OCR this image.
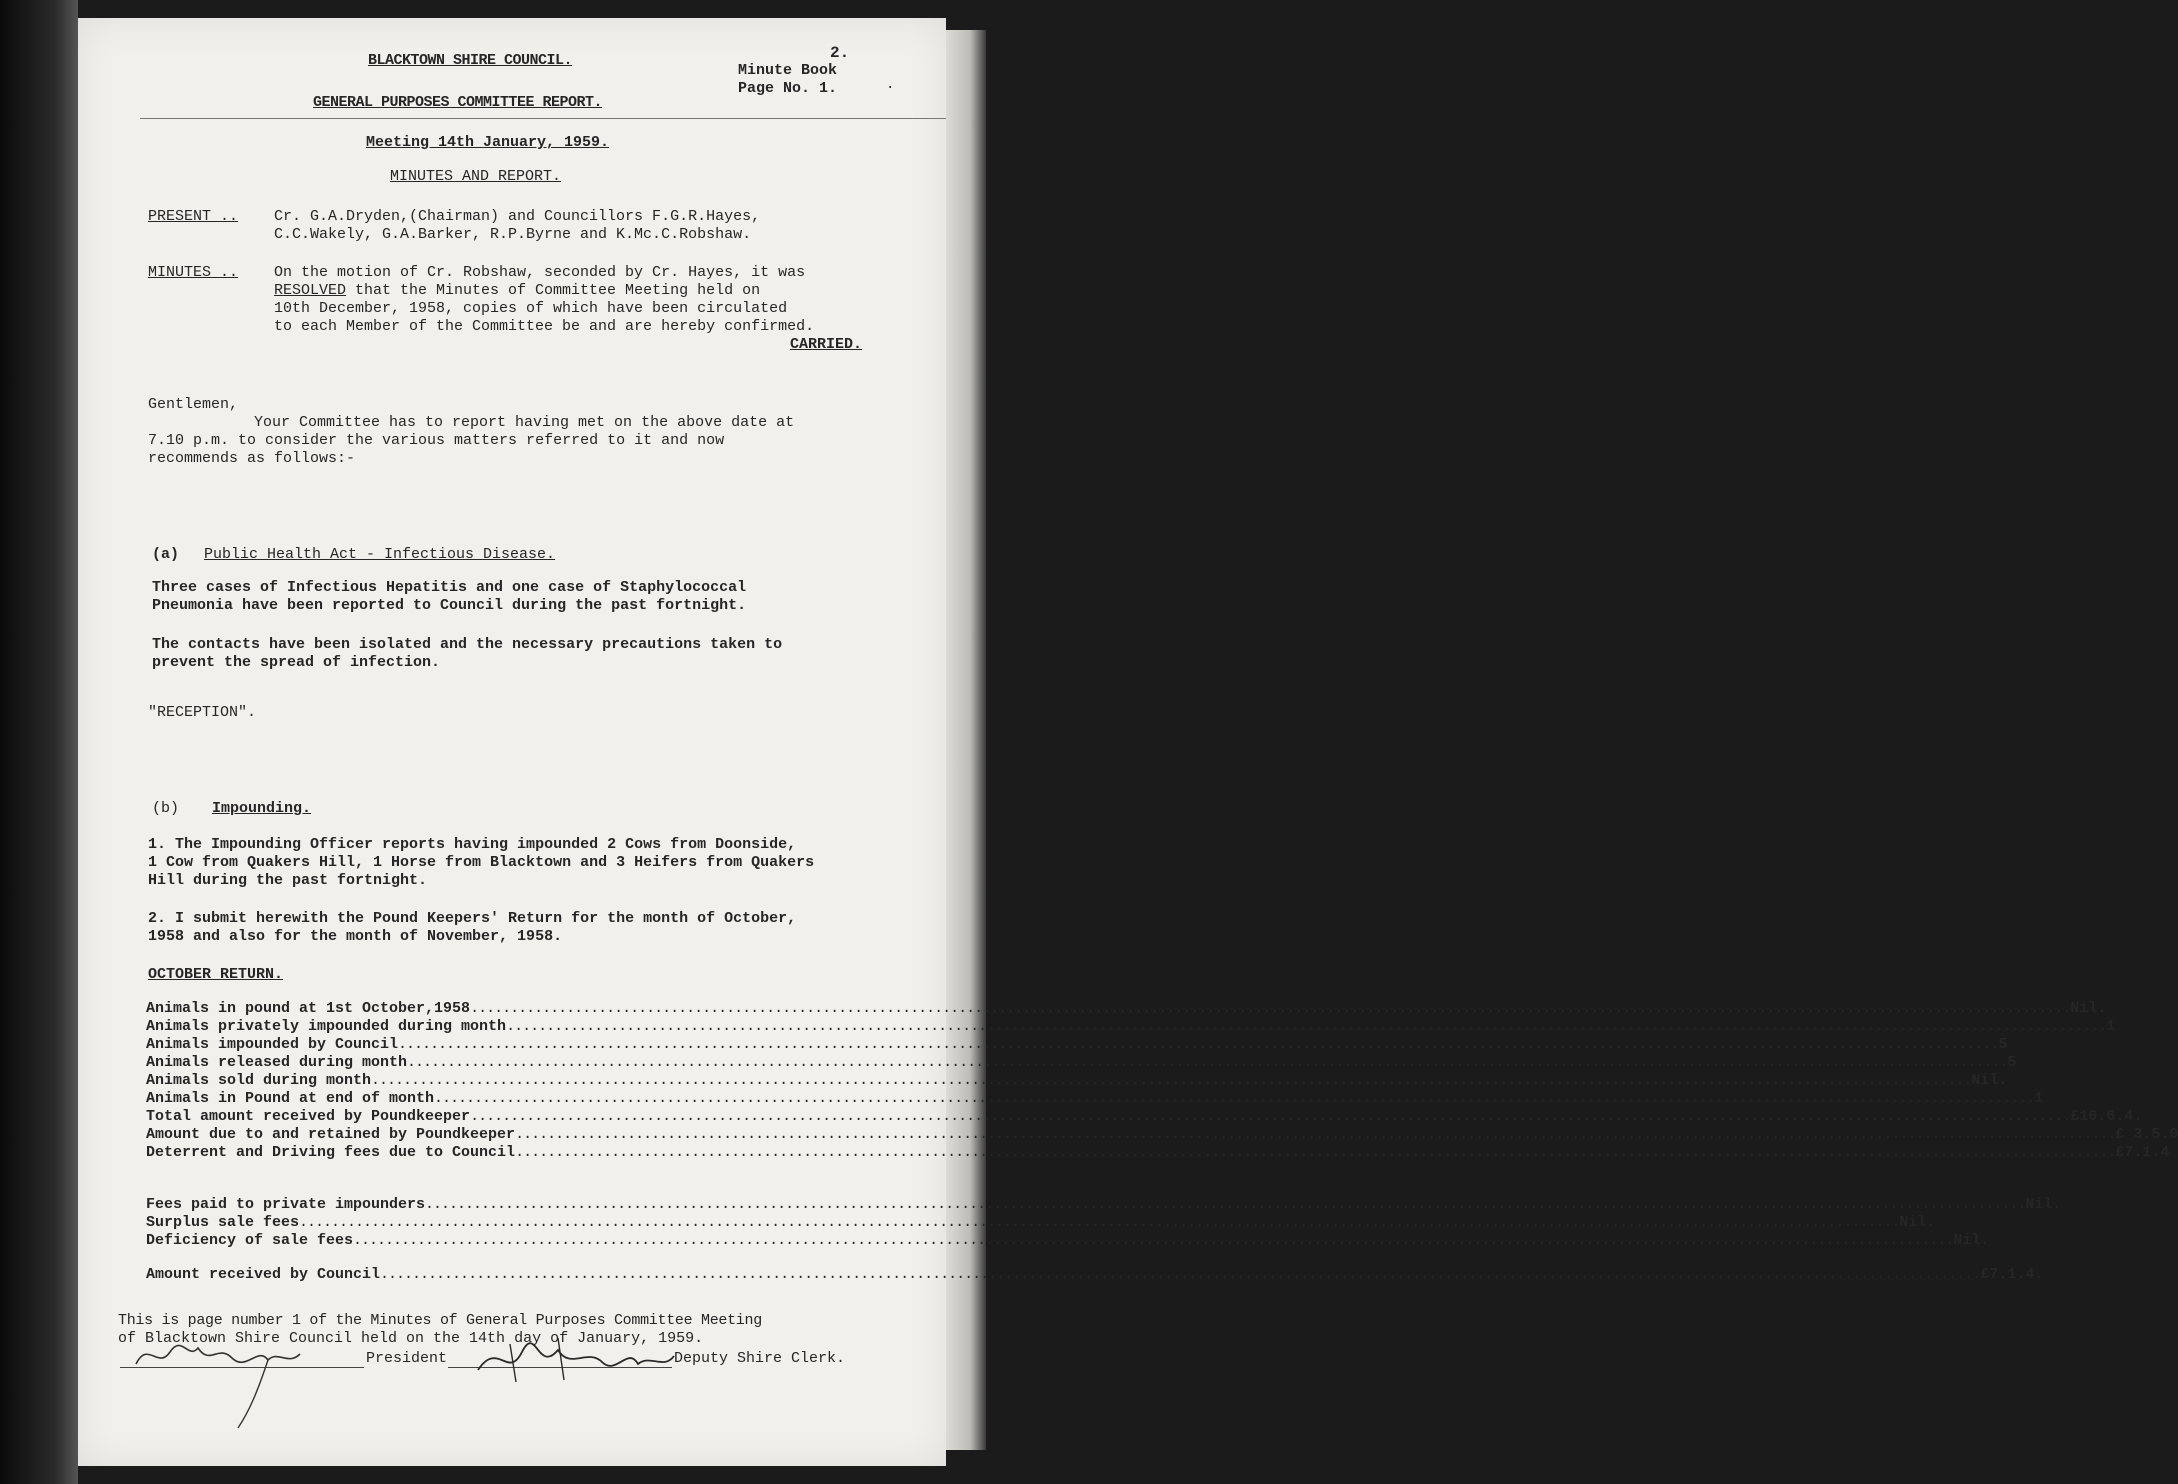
BLACKTOWN SHIRE COUNCIL.
GENERAL PURPOSES COMMITTEE REPORT.
2.
Minute Book
Page No. 1.	·
Meeting 14th January, 1959.
MINUTES AND REPORT.
PRESENT .. Cr. G.A.Dryden,(Chairman) and Councillors F.G.R.Hayes,
C.C.Wakely, G.A.Barker, R.P.Byrne and K.Mc.C.Robshaw.
MINUTES .. On the motion of Cr. Robshaw, seconded by Cr. Hayes, it was
RESOLVED that the Minutes of Committee Meeting held on
10th December, 1958, copies of which have been circulated
to each Member of the Committee be and are hereby confirmed.
CARRIED.
Gentlemen,
Your Committee has to report having met on the above date at
7.10 p.m. to consider the various matters referred to it and now
recommends as follows:-
(a) Public Health Act - Infectious Disease.
Three cases of Infectious Hepatitis and one case of Staphylococcal
Pneumonia have been reported to Council during the past fortnight.
The contacts have been isolated and the necessary precautions taken to
prevent the spread of infection.
"RECEPTION".
(b) Impounding.
1. The Impounding Officer reports having impounded 2 Cows from Doonside,
1 Cow from Quakers Hill, 1 Horse from Blacktown and 3 Heifers from Quakers
Hill during the past fortnight.
2. I submit herewith the Pound Keepers' Return for the month of October,
1958 and also for the month of November, 1958.
OCTOBER RETURN.
Animals in pound at 1st October,1958 ........................................................................................................................................................................................................ Nil.
Animals privately impounded during month ........................................................................................................................................................................................................ 1
Animals impounded by Council ........................................................................................................................................................................................................ 5
Animals released during month ........................................................................................................................................................................................................ 5
Animals sold during month ........................................................................................................................................................................................................ Nil.
Animals in Pound at end of month ........................................................................................................................................................................................................ 1
Total amount received by Poundkeeper ........................................................................................................................................................................................................ £10.6.4.
Amount due to and retained by Poundkeeper ........................................................................................................................................................................................................ £ 3.5.0
Deterrent and Driving fees due to Council ........................................................................................................................................................................................................ £7.1.4
Fees paid to private impounders ........................................................................................................................................................................................................ Nil.
Surplus sale fees ........................................................................................................................................................................................................ Nil.
Deficiency of sale fees ........................................................................................................................................................................................................ Nil.
Amount received by Council ........................................................................................................................................................................................................ £7.1.4.
This is page number 1 of the Minutes of General Purposes Committee Meeting
of Blacktown Shire Council held on the 14th day of January, 1959.
President	Deputy Shire Clerk.
